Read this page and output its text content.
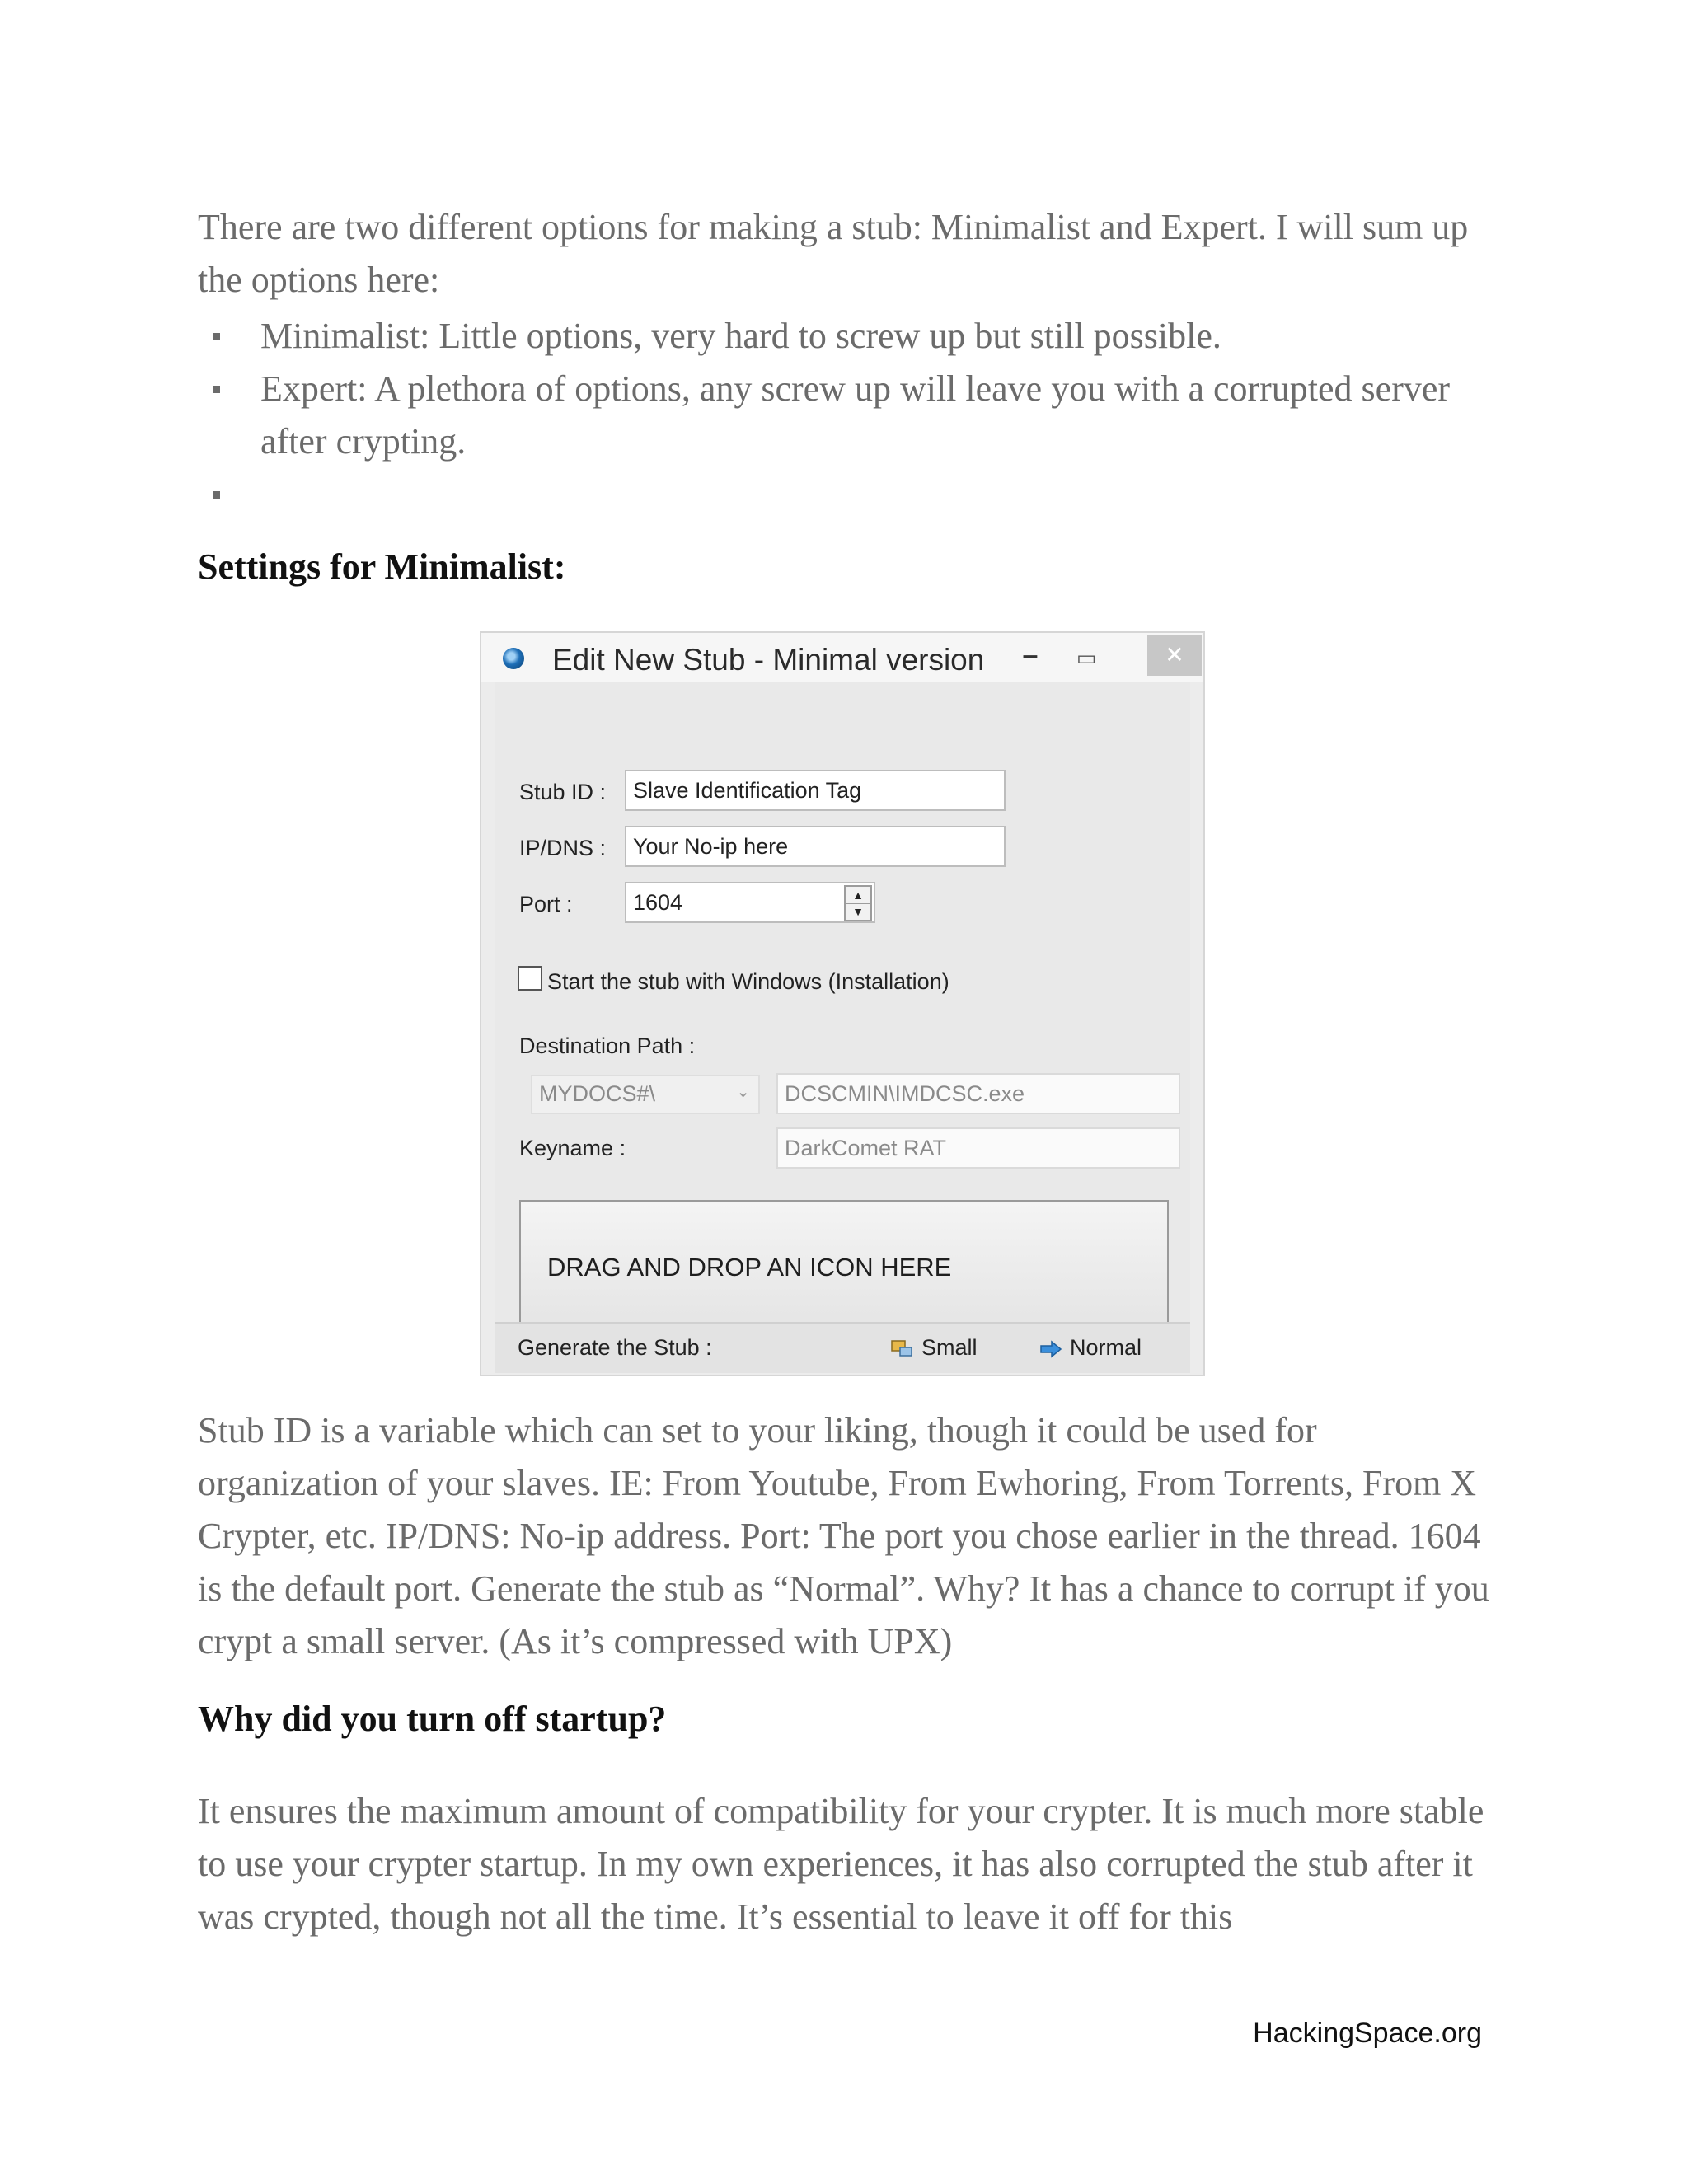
There are two different options for making a stub: Minimalist and Expert. I will sum up the options here:

Minimalist: Little options, very hard to screw up but still possible.
Expert: A plethora of options, any screw up will leave you with a corrupted server after crypting.
Settings for Minimalist:
Edit New Stub - Minimal version	–	▭	✕
Stub ID :
Slave Identification Tag
IP/DNS :
Your No-ip here
Port :
1604	▲
▼
Start the stub with Windows (Installation)
Destination Path :
MYDOCS#\	⌄
DCSCMIN\IMDCSC.exe
Keyname :
DarkComet RAT
DRAG AND DROP AN ICON HERE
Generate the Stub :	Small	Normal

Stub ID is a variable which can set to your liking, though it could be used for organization of your slaves. IE: From Youtube, From Ewhoring, From Torrents, From X Crypter, etc. IP/DNS: No-ip address. Port: The port you chose earlier in the thread. 1604 is the default port. Generate the stub as “Normal”. Why? It has a chance to corrupt if you crypt a small server. (As it’s compressed with UPX)

Why did you turn off startup?

It ensures the maximum amount of compatibility for your crypter. It is much more stable to use your crypter startup. In my own experiences, it has also corrupted the stub after it was crypted, though not all the time. It’s essential to leave it off for this

HackingSpace.org
